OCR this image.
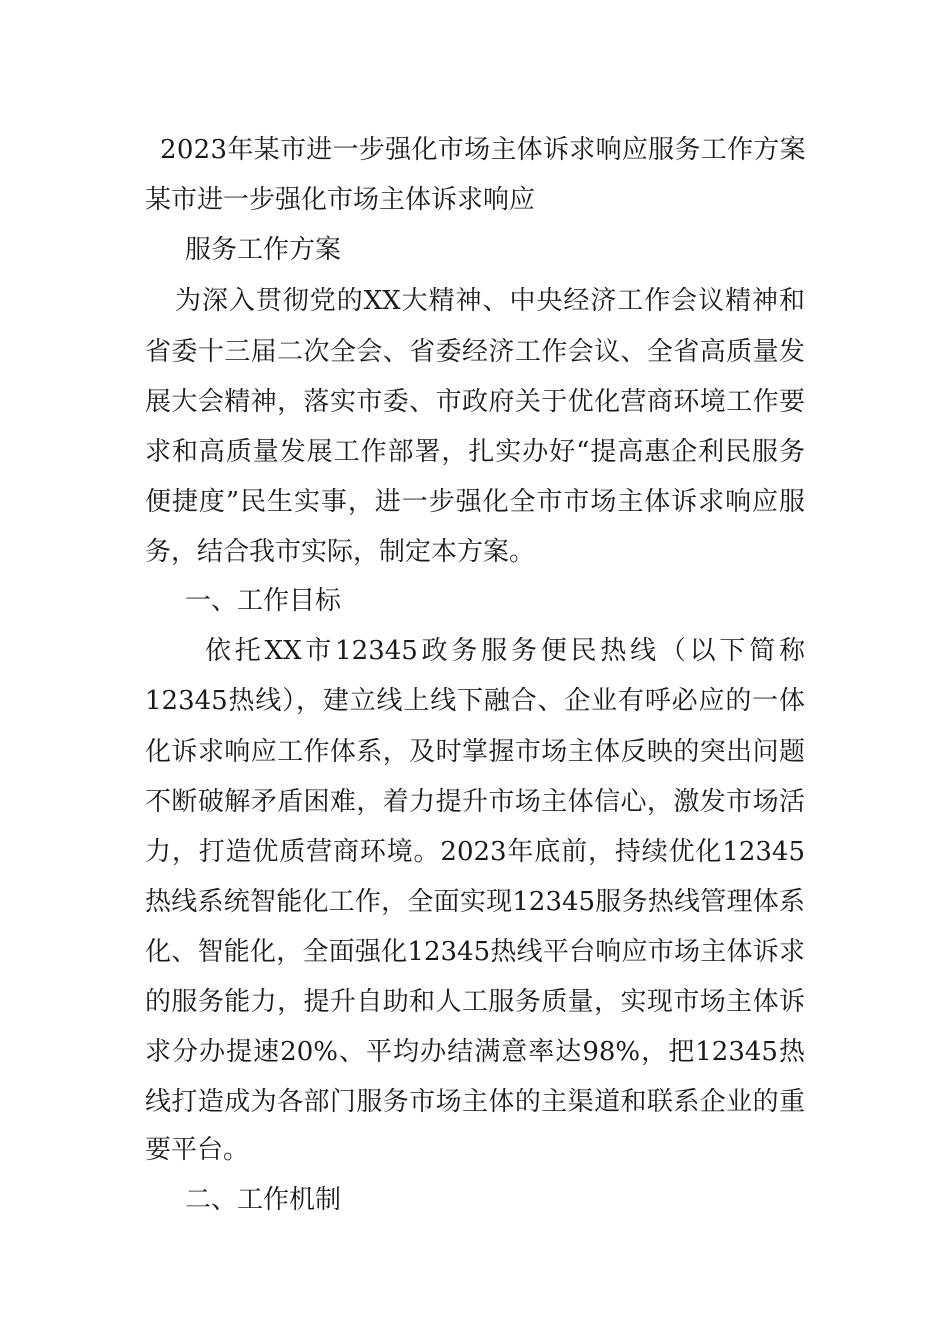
2023年某市进一步强化市场主体诉求响应服务工作方案
某市进一步强化市场主体诉求响应
服务工作方案
为深入贯彻党的XX大精神、中央经济工作会议精神和
省委十三届二次全会、省委经济工作会议、全省高质量发
展大会精神，落实市委、市政府关于优化营商环境工作要
求和高质量发展工作部署，扎实办好“提高惠企利民服务
便捷度”民生实事，进一步强化全市市场主体诉求响应服
务，结合我市实际，制定本方案。
一、工作目标
依托XX市12345政务服务便民热线（以下简称
12345热线），建立线上线下融合、企业有呼必应的一体
化诉求响应工作体系，及时掌握市场主体反映的突出问题
不断破解矛盾困难，着力提升市场主体信心，激发市场活
力，打造优质营商环境。2023年底前，持续优化12345
热线系统智能化工作，全面实现12345服务热线管理体系
化、智能化，全面强化12345热线平台响应市场主体诉求
的服务能力，提升自助和人工服务质量，实现市场主体诉
求分办提速20%、平均办结满意率达98%，把12345热
线打造成为各部门服务市场主体的主渠道和联系企业的重
要平台。
二、工作机制
